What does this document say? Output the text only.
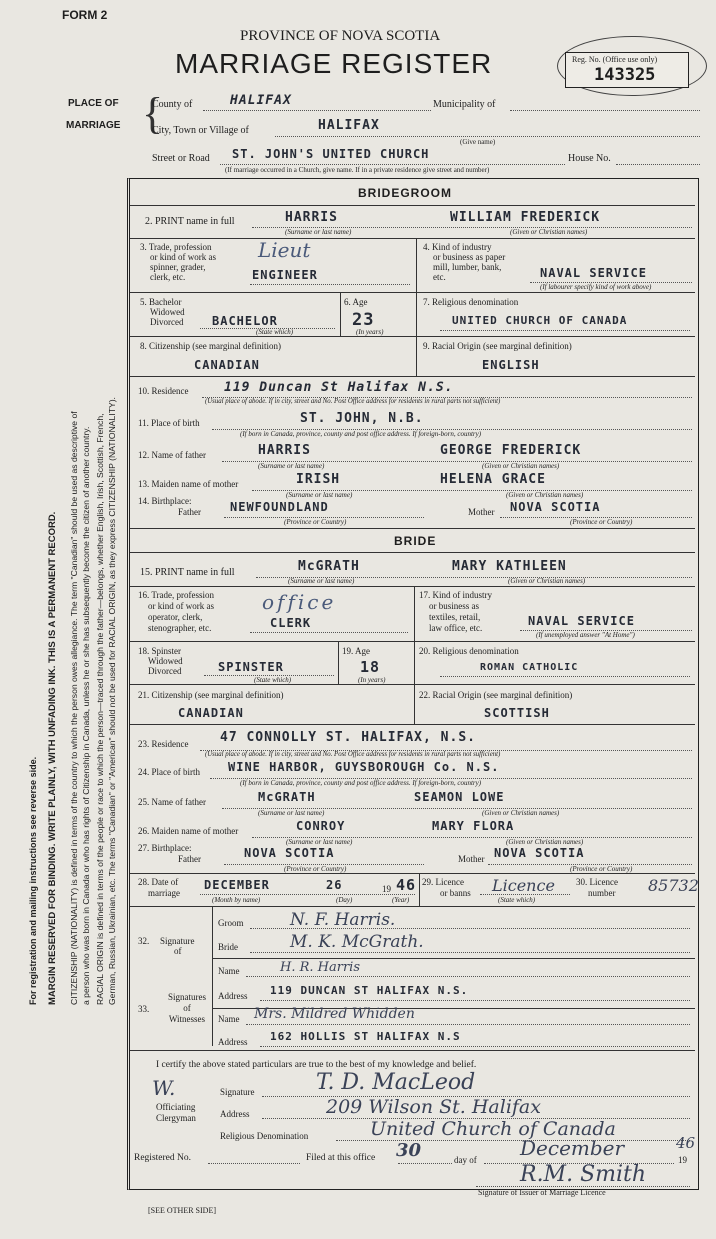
For registration and mailing instructions see reverse side. MARGIN RESERVED FOR BINDING. WRITE PLAINLY, WITH UNFADING INK. THIS IS A PERMANENT RECORD.	CITIZENSHIP (NATIONALITY) is defined in terms of the country to which the person owes allegiance. The term "Canadian" should be used as descriptive of a person who was born in Canada or who has rights of Citizenship in Canada, unless he or she has subsequently become the citizen of another country. RACIAL ORIGIN is defined in terms of the people or race to which the person—traced through the father—belongs, whether English, Irish, Scottish, French, German, Russian, Ukrainian, etc. The terms "Canadian" or "American" should not be used for RACIAL ORIGIN, as they express CITIZENSHIP (NATIONALITY).
FORM 2
PROVINCE OF NOVA SCOTIA
MARRIAGE REGISTER	Reg. No. (Office use only)
143325
PLACE OF
MARRIAGE {
County of	HALIFAX	Municipality of
City, Town or Village of	HALIFAX
(Give name)
Street or Road ST. JOHN'S UNITED CHURCH	House No.
(If marriage occurred in a Church, give name. If in a private residence give street and number)
BRIDEGROOM
2. PRINT name in full	HARRIS	WILLIAM FREDERICK
(Surname or last name)	(Given or Christian names)
3. Trade, profession
or kind of work as
spinner, grader,
clerk, etc.
Lieut
ENGINEER
4. Kind of industry
or business as paper
mill, lumber, bank,
etc.	NAVAL SERVICE
(If labourer specify kind of work above)
5. Bachelor
Widowed
Divorced BACHELOR
(State which)
6. Age
23
(In years)
7. Religious denomination
UNITED CHURCH OF CANADA
8. Citizenship (see marginal definition)
CANADIAN
9. Racial Origin (see marginal definition)
ENGLISH
10. Residence	119 Duncan St Halifax N.S.
(Usual place of abode. If in city, street and No. Post Office address for residents in rural parts not sufficient)
11. Place of birth	ST. JOHN, N.B.
(If born in Canada, province, county and post office address. If foreign-born, country)
12. Name of father	HARRIS	GEORGE FREDERICK
(Surname or last name)	(Given or Christian names)
13. Maiden name of mother	IRISH	HELENA GRACE
(Surname or last name)	(Given or Christian names)
14. Birthplace:
Father NEWFOUNDLAND
(Province or Country)
Mother NOVA SCOTIA
(Province or Country)
BRIDE
15. PRINT name in full	McGRATH	MARY KATHLEEN
(Surname or last name)	(Given or Christian names)
16. Trade, profession
or kind of work as
operator, clerk,
stenographer, etc.
office
CLERK
17. Kind of industry
or business as
textiles, retail,
law office, etc.	NAVAL SERVICE
(If unemployed answer "At Home")
18. Spinster
Widowed
Divorced	SPINSTER
(State which)
19. Age
18
(In years)
20. Religious denomination
ROMAN CATHOLIC
21. Citizenship (see marginal definition)
CANADIAN
22. Racial Origin (see marginal definition)
SCOTTISH
23. Residence 47 CONNOLLY ST. HALIFAX, N.S.
(Usual place of abode. If in city, street and No. Post Office address for residents in rural parts not sufficient)
24. Place of birth WINE HARBOR, GUYSBOROUGH Co. N.S.
(If born in Canada, province, county and post office address. If foreign-born, country)
25. Name of father	McGRATH	SEAMON LOWE
(Surname or last name)	(Given or Christian names)
26. Maiden name of mother	CONROY	MARY FLORA
(Surname or last name)	(Given or Christian names)
27. Birthplace:
Father	NOVA SCOTIA
(Province or Country)
Mother NOVA SCOTIA
(Province or Country)
28. Date of
marriage
DECEMBER	26	19 46
(Month by name)	(Day)	(Year)
29. Licence
or banns Licence
(State which)
30. Licence
number 85732
32. Signature
of
Groom	N. F. Harris.
Bride	M. K. McGrath.
33.
Signatures
of
Witnesses
Name	H. R. Harris
Address 119 DUNCAN ST HALIFAX N.S.
Name Mrs. Mildred Whidden
Address 162 HOLLIS ST HALIFAX N.S
I certify the above stated particulars are true to the best of my knowledge and belief.
W.
Officiating
Clergyman
Signature	T. D. MacLeod
Address	209 Wilson St. Halifax
Religious Denomination	United Church of Canada
Registered No.	Filed at this office 30	day of December	19
46
R.M. Smith
Signature of Issuer of Marriage Licence
[SEE OTHER SIDE]
